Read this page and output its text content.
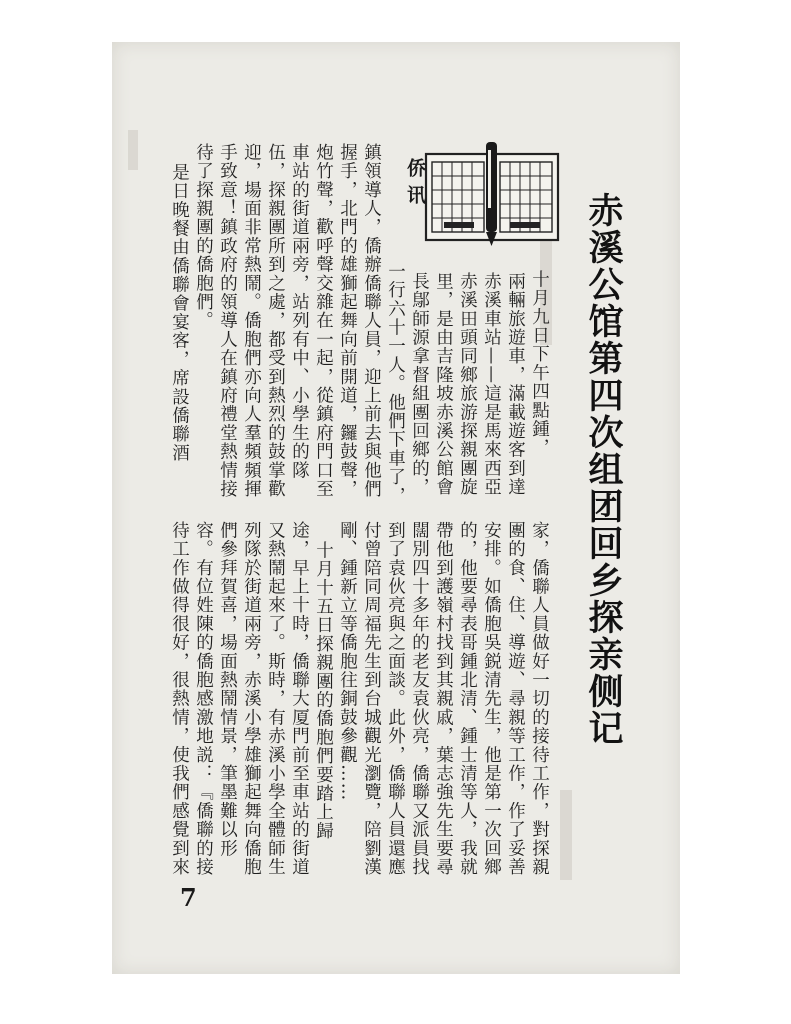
赤溪公馆第四次组团回乡探亲侧记
侨讯
十月九日下午四點鍾，
兩輛旅遊車，滿載遊客到達
赤溪車站——這是馬來西亞
赤溪田頭同鄉旅游探親團旋
里，是由吉隆坡赤溪公館會
長鄔師源拿督組團回鄉的，
一行六十一人。他們下車了，
鎮領導人，僑辦僑聯人員，迎上前去與他們
握手，北門的雄獅起舞向前開道，鑼鼓聲，
炮竹聲，歡呼聲交雜在一起，從鎮府門口至
車站的街道兩旁，站列有中、小學生的隊
伍，探親團所到之處，都受到熱烈的鼓掌歡
迎，場面非常熱鬧。僑胞們亦向人羣頻頻揮
手致意！鎮政府的領導人在鎮府禮堂熱情接
待了探親團的僑胞們。
是日晚餐由僑聯會宴客，席設僑聯酒
家，僑聯人員做好一切的接待工作，對探親
團的食、住、導遊、尋親等工作，作了妥善
安排。如僑胞吳鋭清先生，他是第一次回鄉
的，他要尋表哥鍾北清、鍾士清等人，我就
帶他到護嶺村找到其親戚，葉志強先生要尋
闊別四十多年的老友袁伙亮，僑聯又派員找
到了袁伙亮與之面談。此外，僑聯人員還應
付曾陪同周福先生到台城觀光瀏覽，陪劉漢
剛、鍾新立等僑胞往銅鼓參觀……
十月十五日探親團的僑胞們要踏上歸
途，早上十時，僑聯大厦門前至車站的街道
又熱鬧起來了。斯時，有赤溪小學全體師生
列隊於街道兩旁，赤溪小學雄獅起舞向僑胞
們參拜賀喜，場面熱鬧情景，筆墨難以形
容。有位姓陳的僑胞感激地説：『僑聯的接
待工作做得很好，很熱情，使我們感覺到來
7
